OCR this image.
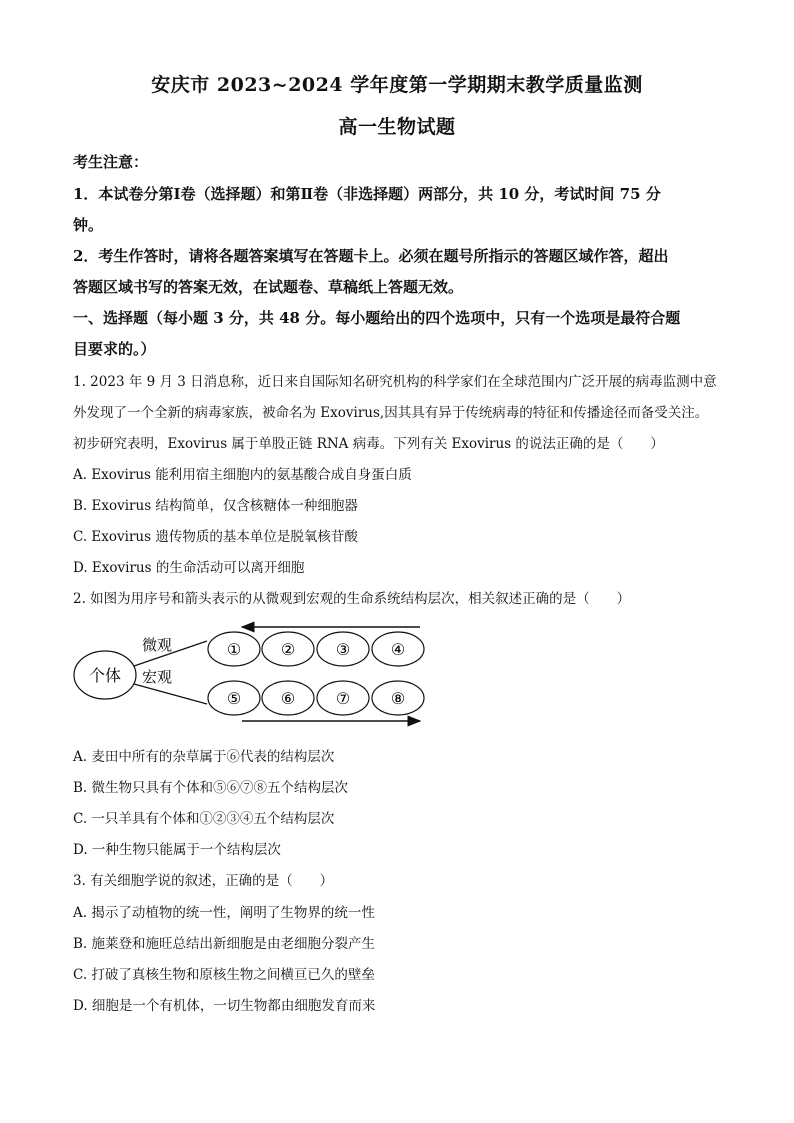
安庆市 2023~2024 学年度第一学期期末教学质量监测
高一生物试题
考生注意：
1．本试卷分第Ⅰ卷（选择题）和第Ⅱ卷（非选择题）两部分，共 10 分，考试时间 75 分
钟。
2．考生作答时，请将各题答案填写在答题卡上。必须在题号所指示的答题区域作答，超出
答题区域书写的答案无效，在试题卷、草稿纸上答题无效。
一、选择题（每小题 3 分，共 48 分。每小题给出的四个选项中，只有一个选项是最符合题
目要求的。）
1. 2023 年 9 月 3 日消息称，近日来自国际知名研究机构的科学家们在全球范围内广泛开展的病毒监测中意
外发现了一个全新的病毒家族，被命名为 Exovirus,因其具有异于传统病毒的特征和传播途径而备受关注。
初步研究表明，Exovirus 属于单股正链 RNA 病毒。下列有关 Exovirus 的说法正确的是（　　）
A. Exovirus 能利用宿主细胞内的氨基酸合成自身蛋白质
B. Exovirus 结构简单，仅含核糖体一种细胞器
C. Exovirus 遗传物质的基本单位是脱氧核苷酸
D. Exovirus 的生命活动可以离开细胞
2. 如图为用序号和箭头表示的从微观到宏观的生命系统结构层次，相关叙述正确的是（　　）
个体
微观
宏观
① ②	③	④
⑤ ⑥	⑦	⑧
A. 麦田中所有的杂草属于⑥代表的结构层次
B. 微生物只具有个体和⑤⑥⑦⑧五个结构层次
C. 一只羊具有个体和①②③④五个结构层次
D. 一种生物只能属于一个结构层次
3. 有关细胞学说的叙述，正确的是（　　）
A. 揭示了动植物的统一性，阐明了生物界的统一性
B. 施莱登和施旺总结出新细胞是由老细胞分裂产生
C. 打破了真核生物和原核生物之间横亘已久的壁垒
D. 细胞是一个有机体，一切生物都由细胞发育而来
